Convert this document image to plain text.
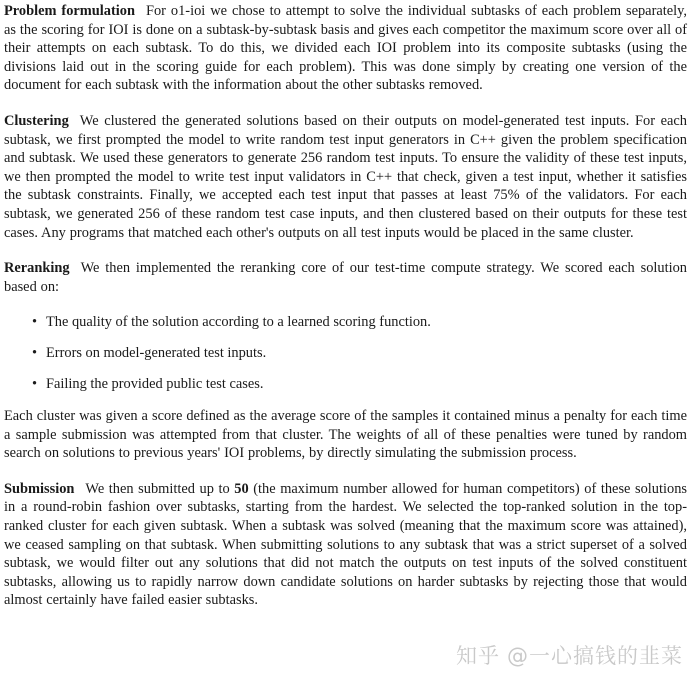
Problem formulation For o1-ioi we chose to attempt to solve the individual subtasks of each problem separately, as the scoring for IOI is done on a subtask-by-subtask basis and gives each competitor the maximum score over all of their attempts on each subtask. To do this, we divided each IOI problem into its composite subtasks (using the divisions laid out in the scoring guide for each problem). This was done simply by creating one version of the document for each subtask with the information about the other subtasks removed.

Clustering We clustered the generated solutions based on their outputs on model-generated test inputs. For each subtask, we first prompted the model to write random test input generators in C++ given the problem specification and subtask. We used these generators to generate 256 random test inputs. To ensure the validity of these test inputs, we then prompted the model to write test input validators in C++ that check, given a test input, whether it satisfies the subtask constraints. Finally, we accepted each test input that passes at least 75% of the validators. For each subtask, we generated 256 of these random test case inputs, and then clustered based on their outputs for these test cases. Any programs that matched each other's outputs on all test inputs would be placed in the same cluster.

Reranking We then implemented the reranking core of our test-time compute strategy. We scored each solution based on:

• The quality of the solution according to a learned scoring function.
• Errors on model-generated test inputs.
• Failing the provided public test cases.

Each cluster was given a score defined as the average score of the samples it contained minus a penalty for each time a sample submission was attempted from that cluster. The weights of all of these penalties were tuned by random search on solutions to previous years' IOI problems, by directly simulating the submission process.

Submission We then submitted up to 50 (the maximum number allowed for human competitors) of these solutions in a round-robin fashion over subtasks, starting from the hardest. We selected the top-ranked solution in the top-ranked cluster for each given subtask. When a subtask was solved (meaning that the maximum score was attained), we ceased sampling on that subtask. When submitting solutions to any subtask that was a strict superset of a solved subtask, we would filter out any solutions that did not match the outputs on test inputs of the solved constituent subtasks, allowing us to rapidly narrow down candidate solutions on harder subtasks by rejecting those that would almost certainly have failed easier subtasks.

知乎 @一心搞钱的韭菜
